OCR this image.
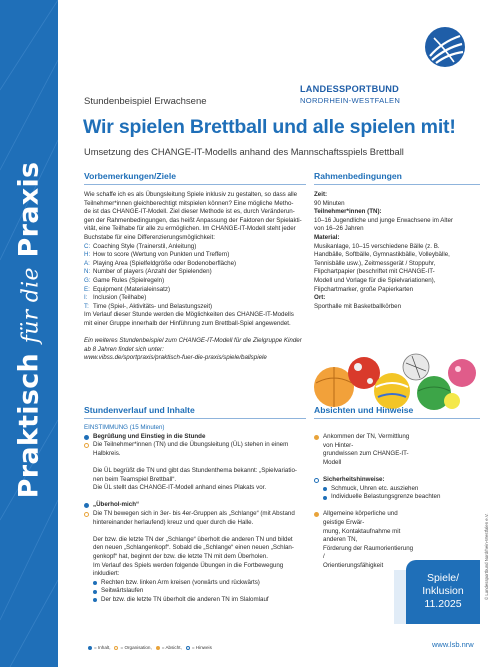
Praktisch für die Praxis
LANDESSPORTBUND
NORDRHEIN-WESTFALEN
Stundenbeispiel Erwachsene
Wir spielen Brettball und alle spielen mit!
Umsetzung des CHANGE-IT-Modells anhand des Mannschaftsspiels Brettball
Vorbemerkungen/Ziele	Rahmenbedingungen

Wie schaffe ich es als Übungsleitung Spiele inklusiv zu gestalten, so dass alle

Teilnehmer*innen gleichberechtigt mitspielen können? Eine mögliche Metho-

de ist das CHANGE-IT-Modell. Ziel dieser Methode ist es, durch Veränderun-

gen der Rahmenbedingungen, das heißt Anpassung der Faktoren der Spielakti-

vität, eine Teilhabe für alle zu ermöglichen. Im CHANGE-IT-Modell steht jeder

Buchstabe für eine Differenzierungsmöglichkeit:

C: Coaching Style (Trainerstil, Anleitung)
H: How to score (Wertung von Punkten und Treffern)
A: Playing Area (Spielfeldgröße oder Bodenoberfläche)
N: Number of players (Anzahl der Spielenden)
G: Game Rules (Spielregeln)
E: Equipment (Materialeinsatz)
I: Inclusion (Teilhabe)
T: Time (Spiel-, Aktivitäts- und Belastungszeit)

Im Verlauf dieser Stunde werden die Möglichkeiten des CHANGE-IT-Modells

mit einer Gruppe innerhalb der Hinführung zum Brettball-Spiel angewendet.

Ein weiteres Stundenbeispiel zum CHANGE-IT-Modell für die Zielgruppe Kinder

ab 8 Jahren findet sich unter:

www.vibss.de/sportpraxis/praktisch-fuer-die-praxis/spiele/ballspiele

Zeit:

90 Minuten

Teilnehmer*innen (TN):

10–16 Jugendliche und junge Erwachsene im Alter

von 16–26 Jahren

Material:

Musikanlage, 10–15 verschiedene Bälle (z. B.

Handbälle, Softbälle, Gymnastikbälle, Volleybälle,

Tennisbälle usw.), Zeitmessgerät / Stoppuhr,

Flipchartpapier (beschriftet mit CHANGE-IT-

Modell und Vorlage für die Spielvariationen),

Flipchartmarker, große Papierkarten

Ort:

Sporthalle mit Basketballkörben

Stundenverlauf und Inhalte	Absichten und Hinweise

EINSTIMMUNG (15 Minuten)

Begrüßung und Einstieg in die Stunde

Die Teilnehmer*innen (TN) und die Übungsleitung (ÜL) stehen in einem

Halbkreis.

Die ÜL begrüßt die TN und gibt das Stundenthema bekannt: „Spielvariatio-

nen beim Teamspiel Brettball“.

Die ÜL stellt das CHANGE-IT-Modell anhand eines Plakats vor.

„Überhol-mich“

Die TN bewegen sich in 3er- bis 4er-Gruppen als „Schlange“ (mit Abstand

hintereinander herlaufend) kreuz und quer durch die Halle.

Der bzw. die letzte TN der „Schlange“ überholt die anderen TN und bildet

den neuen „Schlangenkopf“. Sobald die „Schlange“ einen neuen „Schlan-

genkopf“ hat, beginnt der bzw. die letzte TN mit dem Überholen.

Im Verlauf des Spiels werden folgende Übungen in die Fortbewegung

inkludiert:

Rechten bzw. linken Arm kreisen (vorwärts und rückwärts)

Seitwärtslaufen

Der bzw. die letzte TN überholt die anderen TN im Slalomlauf

Ankommen der TN, Vermittlung von Hinter-

grundwissen zum CHANGE-IT-Modell

Sicherheitshinweise:

Schmuck, Uhren etc. ausziehen

Individuelle Belastungsgrenze beachten

Allgemeine körperliche und geistige Erwär-

mung, Kontaktaufnahme mit anderen TN,

Förderung der Raumorientierung /

Orientierungsfähigkeit

Spiele/
Inklusion
11.2025
© Landessportbund Nordrhein-Westfalen e.V.
www.lsb.nrw
= Inhalt, = Organisation, = Absicht, = Hinweis
